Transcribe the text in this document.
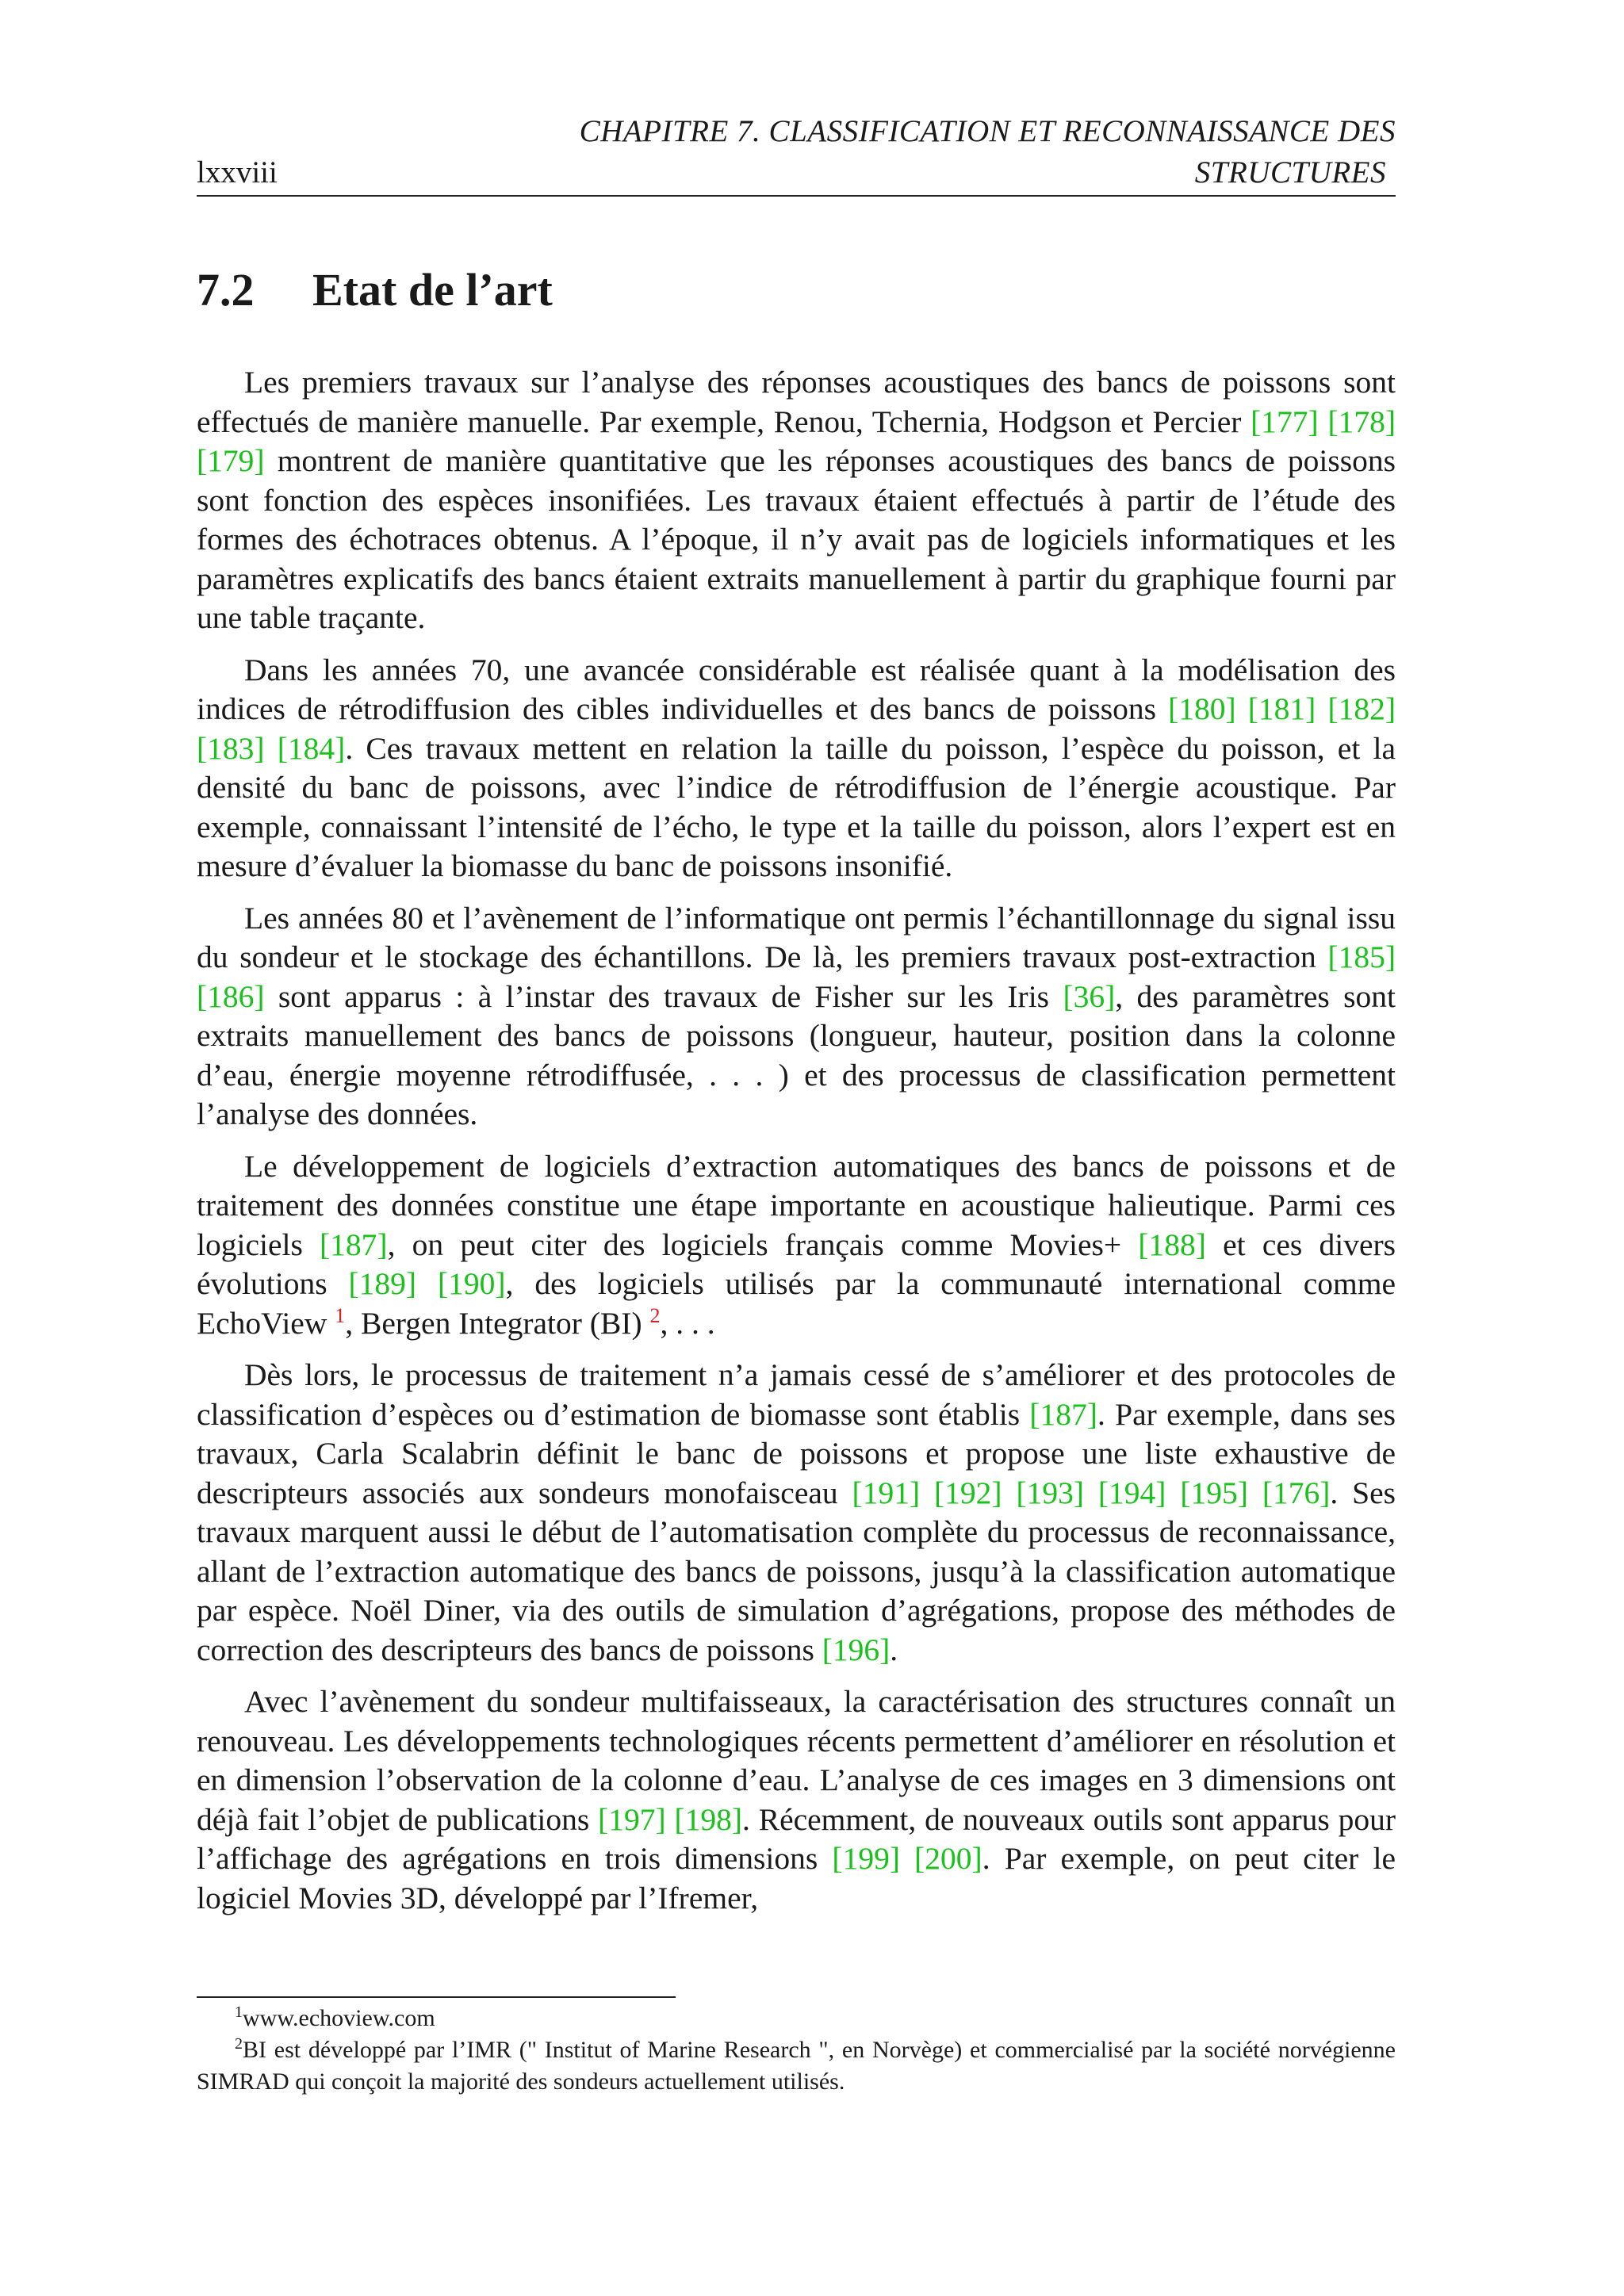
CHAPITRE 7. CLASSIFICATION ET RECONNAISSANCE DES
lxxviii	STRUCTURES
7.2 Etat de l’art

Les premiers travaux sur l’analyse des réponses acoustiques des bancs de poissons sont effectués de manière manuelle. Par exemple, Renou, Tchernia, Hodgson et Percier [177] [178] [179] montrent de manière quantitative que les réponses acoustiques des bancs de poissons sont fonction des espèces insonifiées. Les travaux étaient effectués à partir de l’étude des formes des échotraces obtenus. A l’époque, il n’y avait pas de logiciels informatiques et les paramètres explicatifs des bancs étaient extraits manuellement à partir du graphique fourni par une table traçante.

Dans les années 70, une avancée considérable est réalisée quant à la modélisation des indices de rétrodiffusion des cibles individuelles et des bancs de poissons [180] [181] [182] [183] [184]. Ces travaux mettent en relation la taille du poisson, l’espèce du poisson, et la densité du banc de poissons, avec l’indice de rétrodiffusion de l’énergie acoustique. Par exemple, connaissant l’intensité de l’écho, le type et la taille du poisson, alors l’expert est en mesure d’évaluer la biomasse du banc de poissons insonifié.

Les années 80 et l’avènement de l’informatique ont permis l’échantillonnage du signal issu du sondeur et le stockage des échantillons. De là, les premiers travaux post-extraction [185] [186] sont apparus : à l’instar des travaux de Fisher sur les Iris [36], des paramètres sont extraits manuellement des bancs de poissons (longueur, hauteur, position dans la colonne d’eau, énergie moyenne rétrodiffusée, . . . ) et des processus de classification permettent l’analyse des données.

Le développement de logiciels d’extraction automatiques des bancs de poissons et de traitement des données constitue une étape importante en acoustique halieutique. Parmi ces logiciels [187], on peut citer des logiciels français comme Movies+ [188] et ces divers évolutions [189] [190], des logiciels utilisés par la communauté international comme EchoView $^1$, Bergen Integrator (BI) $^2$, . . .

Dès lors, le processus de traitement n’a jamais cessé de s’améliorer et des protocoles de classification d’espèces ou d’estimation de biomasse sont établis [187]. Par exemple, dans ses travaux, Carla Scalabrin définit le banc de poissons et propose une liste exhaustive de descripteurs associés aux sondeurs monofaisceau [191] [192] [193] [194] [195] [176]. Ses travaux marquent aussi le début de l’automatisation complète du processus de reconnaissance, allant de l’extraction automatique des bancs de poissons, jusqu’à la classification automatique par espèce. Noël Diner, via des outils de simulation d’agrégations, propose des méthodes de correction des descripteurs des bancs de poissons [196].

Avec l’avènement du sondeur multifaisseaux, la caractérisation des structures connaît un renouveau. Les développements technologiques récents permettent d’améliorer en résolution et en dimension l’observation de la colonne d’eau. L’analyse de ces images en 3 dimensions ont déjà fait l’objet de publications [197] [198]. Récemment, de nouveaux outils sont apparus pour l’affichage des agrégations en trois dimensions [199] [200]. Par exemple, on peut citer le logiciel Movies 3D, développé par l’Ifremer,

$^1$www.echoview.com

$^2$BI est développé par l’IMR (" Institut of Marine Research ", en Norvège) et commercialisé par la société norvégienne SIMRAD qui conçoit la majorité des sondeurs actuellement utilisés.
